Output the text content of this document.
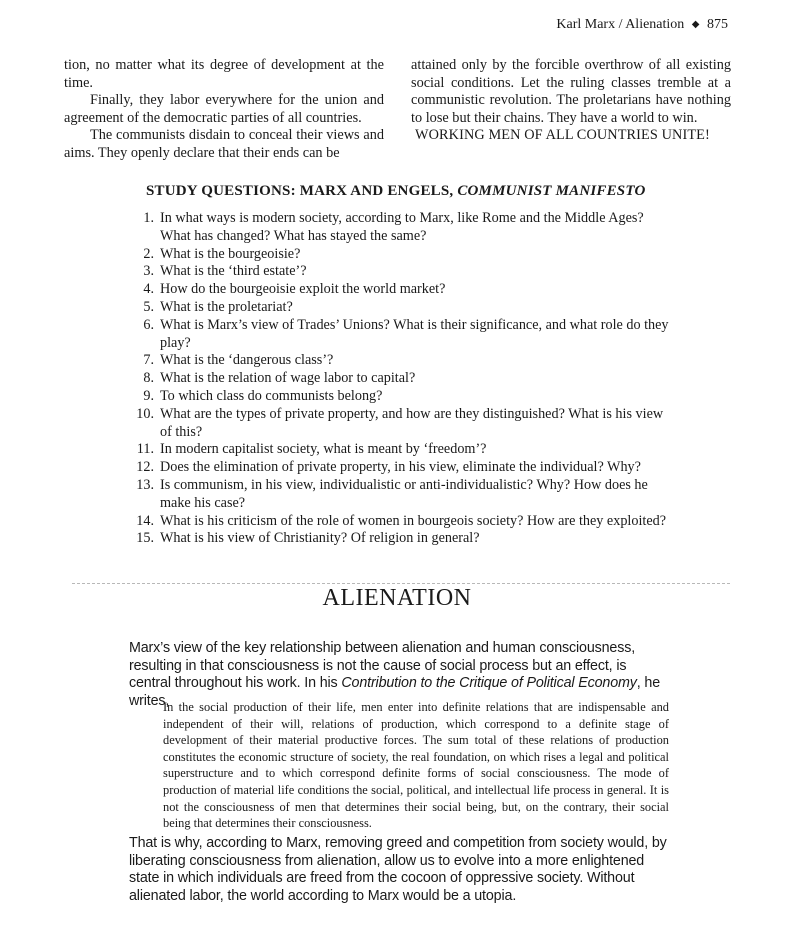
Karl Marx / Alienation ◆ 875

tion, no matter what its degree of development at the time.

Finally, they labor everywhere for the union and agreement of the democratic parties of all countries.

The communists disdain to conceal their views and aims. They openly declare that their ends can be

attained only by the forcible overthrow of all existing social conditions. Let the ruling classes tremble at a communistic revolution. The proletarians have nothing to lose but their chains. They have a world to win.

WORKING MEN OF ALL COUNTRIES UNITE!

STUDY QUESTIONS: MARX AND ENGELS, COMMUNIST MANIFESTO
1. In what ways is modern society, according to Marx, like Rome and the Middle Ages? What has changed? What has stayed the same?
2. What is the bourgeoisie?
3. What is the ‘third estate’?
4. How do the bourgeoisie exploit the world market?
5. What is the proletariat?
6. What is Marx’s view of Trades’ Unions? What is their significance, and what role do they play?
7. What is the ‘dangerous class’?
8. What is the relation of wage labor to capital?
9. To which class do communists belong?
10. What are the types of private property, and how are they distinguished? What is his view of this?
11. In modern capitalist society, what is meant by ‘freedom’?
12. Does the elimination of private property, in his view, eliminate the individual? Why?
13. Is communism, in his view, individualistic or anti-individualistic? Why? How does he make his case?
14. What is his criticism of the role of women in bourgeois society? How are they exploited?
15. What is his view of Christianity? Of religion in general?
ALIENATION

Marx’s view of the key relationship between alienation and human consciousness, resulting in that consciousness is not the cause of social process but an effect, is central throughout his work. In his Contribution to the Critique of Political Economy, he writes,

In the social production of their life, men enter into definite relations that are indispensable and independent of their will, relations of production, which correspond to a definite stage of development of their material productive forces. The sum total of these relations of production constitutes the economic structure of society, the real foundation, on which rises a legal and political superstructure and to which correspond definite forms of social consciousness. The mode of production of material life conditions the social, political, and intellectual life process in general. It is not the consciousness of men that determines their social being, but, on the contrary, their social being that determines their consciousness.

That is why, according to Marx, removing greed and competition from society would, by liberating consciousness from alienation, allow us to evolve into a more enlightened state in which individuals are freed from the cocoon of oppressive society. Without alienated labor, the world according to Marx would be a utopia.
